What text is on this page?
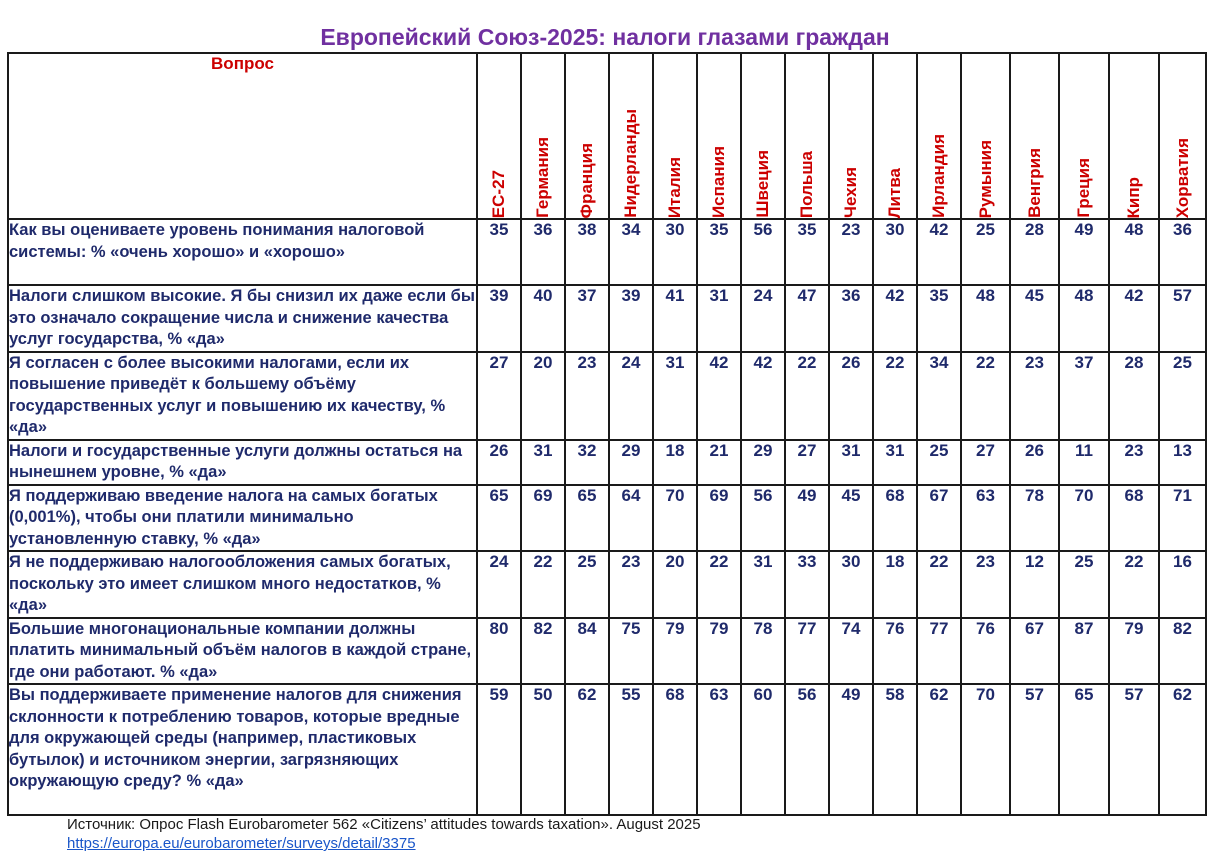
Европейский Союз-2025: налоги глазами граждан
Вопрос	ЕС-27	Германия	Франция	Нидерланды	Италия	Испания	Швеция	Польша	Чехия	Литва	Ирландия	Румыния	Венгрия	Греция	Кипр	Хорватия

Как вы оцениваете уровень понимания налоговой системы: % «очень хорошо» и «хорошо»	35	36	38	34	30	35	56	35	23	30	42	25	28	49	48	36
Налоги слишком высокие. Я бы снизил их даже если бы это означало сокращение числа и снижение качества услуг государства, % «да»	39	40	37	39	41	31	24	47	36	42	35	48	45	48	42	57
Я согласен с более высокими налогами, если их повышение приведёт к большему объёму государственных услуг и повышению их качеству, % «да»	27	20	23	24	31	42	42	22	26	22	34	22	23	37	28	25
Налоги и государственные услуги должны остаться на нынешнем уровне, % «да»	26	31	32	29	18	21	29	27	31	31	25	27	26	11	23	13
Я поддерживаю введение налога на самых богатых (0,001%), чтобы они платили минимально установленную ставку, % «да»	65	69	65	64	70	69	56	49	45	68	67	63	78	70	68	71
Я не поддерживаю налогообложения самых богатых, поскольку это имеет слишком много недостатков, % «да»	24	22	25	23	20	22	31	33	30	18	22	23	12	25	22	16
Большие многонациональные компании должны платить минимальный объём налогов в каждой стране, где они работают. % «да»	80	82	84	75	79	79	78	77	74	76	77	76	67	87	79	82
Вы поддерживаете применение налогов для снижения склонности к потреблению товаров, которые вредные для окружающей среды (например, пластиковых бутылок) и источником энергии, загрязняющих окружающую среду? % «да»	59	50	62	55	68	63	60	56	49	58	62	70	57	65	57	62
Источник: Опрос Flash Eurobarometer 562 «Citizens’ attitudes towards taxation». August 2025
https://europa.eu/eurobarometer/surveys/detail/3375
